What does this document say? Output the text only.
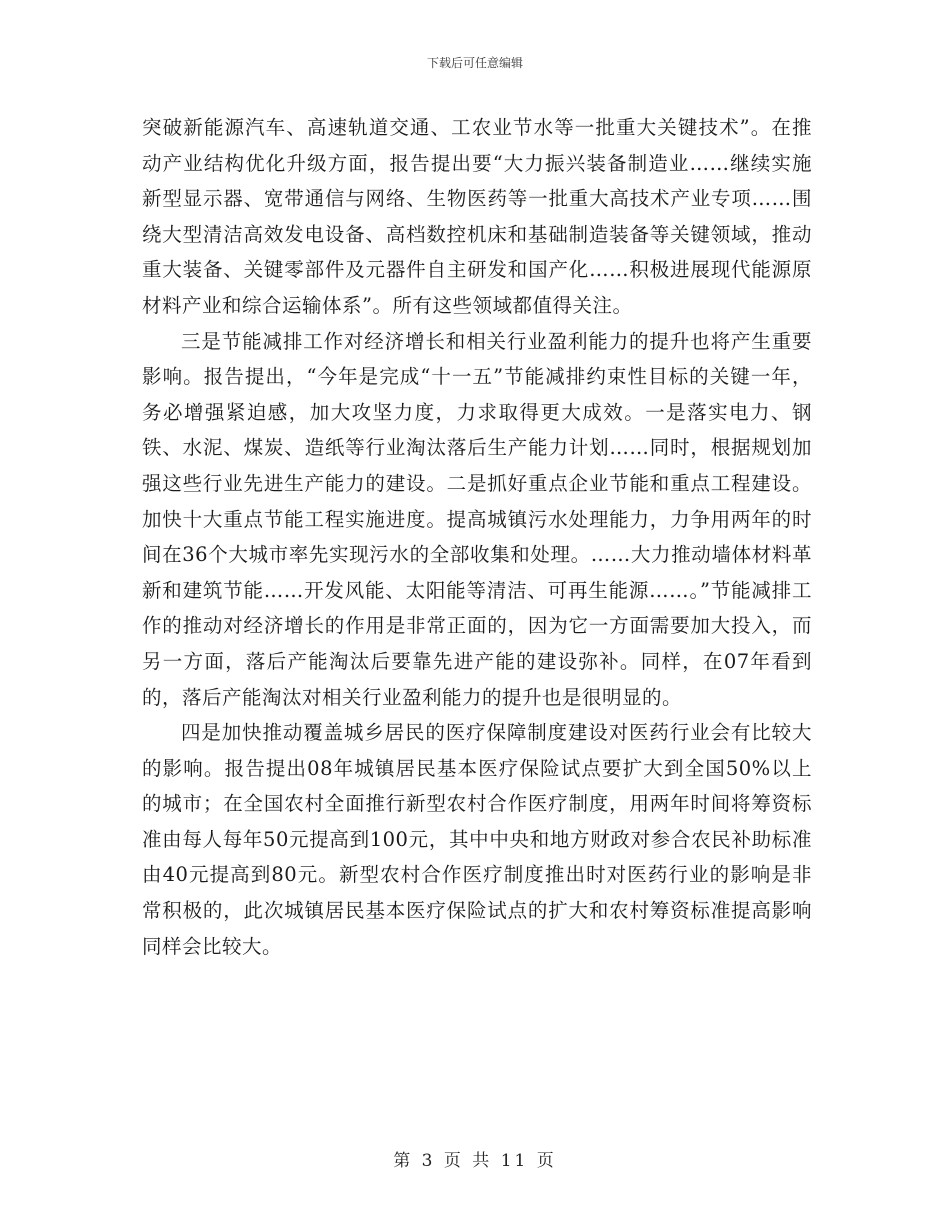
下载后可任意编辑

突破新能源汽车、高速轨道交通、工农业节水等一批重大关键技术”。在推动产业结构优化升级方面，报告提出要“大力振兴装备制造业……继续实施新型显示器、宽带通信与网络、生物医药等一批重大高技术产业专项……围绕大型清洁高效发电设备、高档数控机床和基础制造装备等关键领域，推动重大装备、关键零部件及元器件自主研发和国产化……积极进展现代能源原材料产业和综合运输体系”。所有这些领域都值得关注。

三是节能减排工作对经济增长和相关行业盈利能力的提升也将产生重要影响。报告提出，“今年是完成“十一五”节能减排约束性目标的关键一年，务必增强紧迫感，加大攻坚力度，力求取得更大成效。一是落实电力、钢铁、水泥、煤炭、造纸等行业淘汰落后生产能力计划……同时，根据规划加强这些行业先进生产能力的建设。二是抓好重点企业节能和重点工程建设。加快十大重点节能工程实施进度。提高城镇污水处理能力，力争用两年的时间在36个大城市率先实现污水的全部收集和处理。……大力推动墙体材料革新和建筑节能……开发风能、太阳能等清洁、可再生能源……。”节能减排工作的推动对经济增长的作用是非常正面的，因为它一方面需要加大投入，而另一方面，落后产能淘汰后要靠先进产能的建设弥补。同样，在07年看到的，落后产能淘汰对相关行业盈利能力的提升也是很明显的。

四是加快推动覆盖城乡居民的医疗保障制度建设对医药行业会有比较大的影响。报告提出08年城镇居民基本医疗保险试点要扩大到全国50%以上的城市；在全国农村全面推行新型农村合作医疗制度，用两年时间将筹资标准由每人每年50元提高到100元，其中中央和地方财政对参合农民补助标准由40元提高到80元。新型农村合作医疗制度推出时对医药行业的影响是非常积极的，此次城镇居民基本医疗保险试点的扩大和农村筹资标准提高影响同样会比较大。

第 3 页 共 11 页
